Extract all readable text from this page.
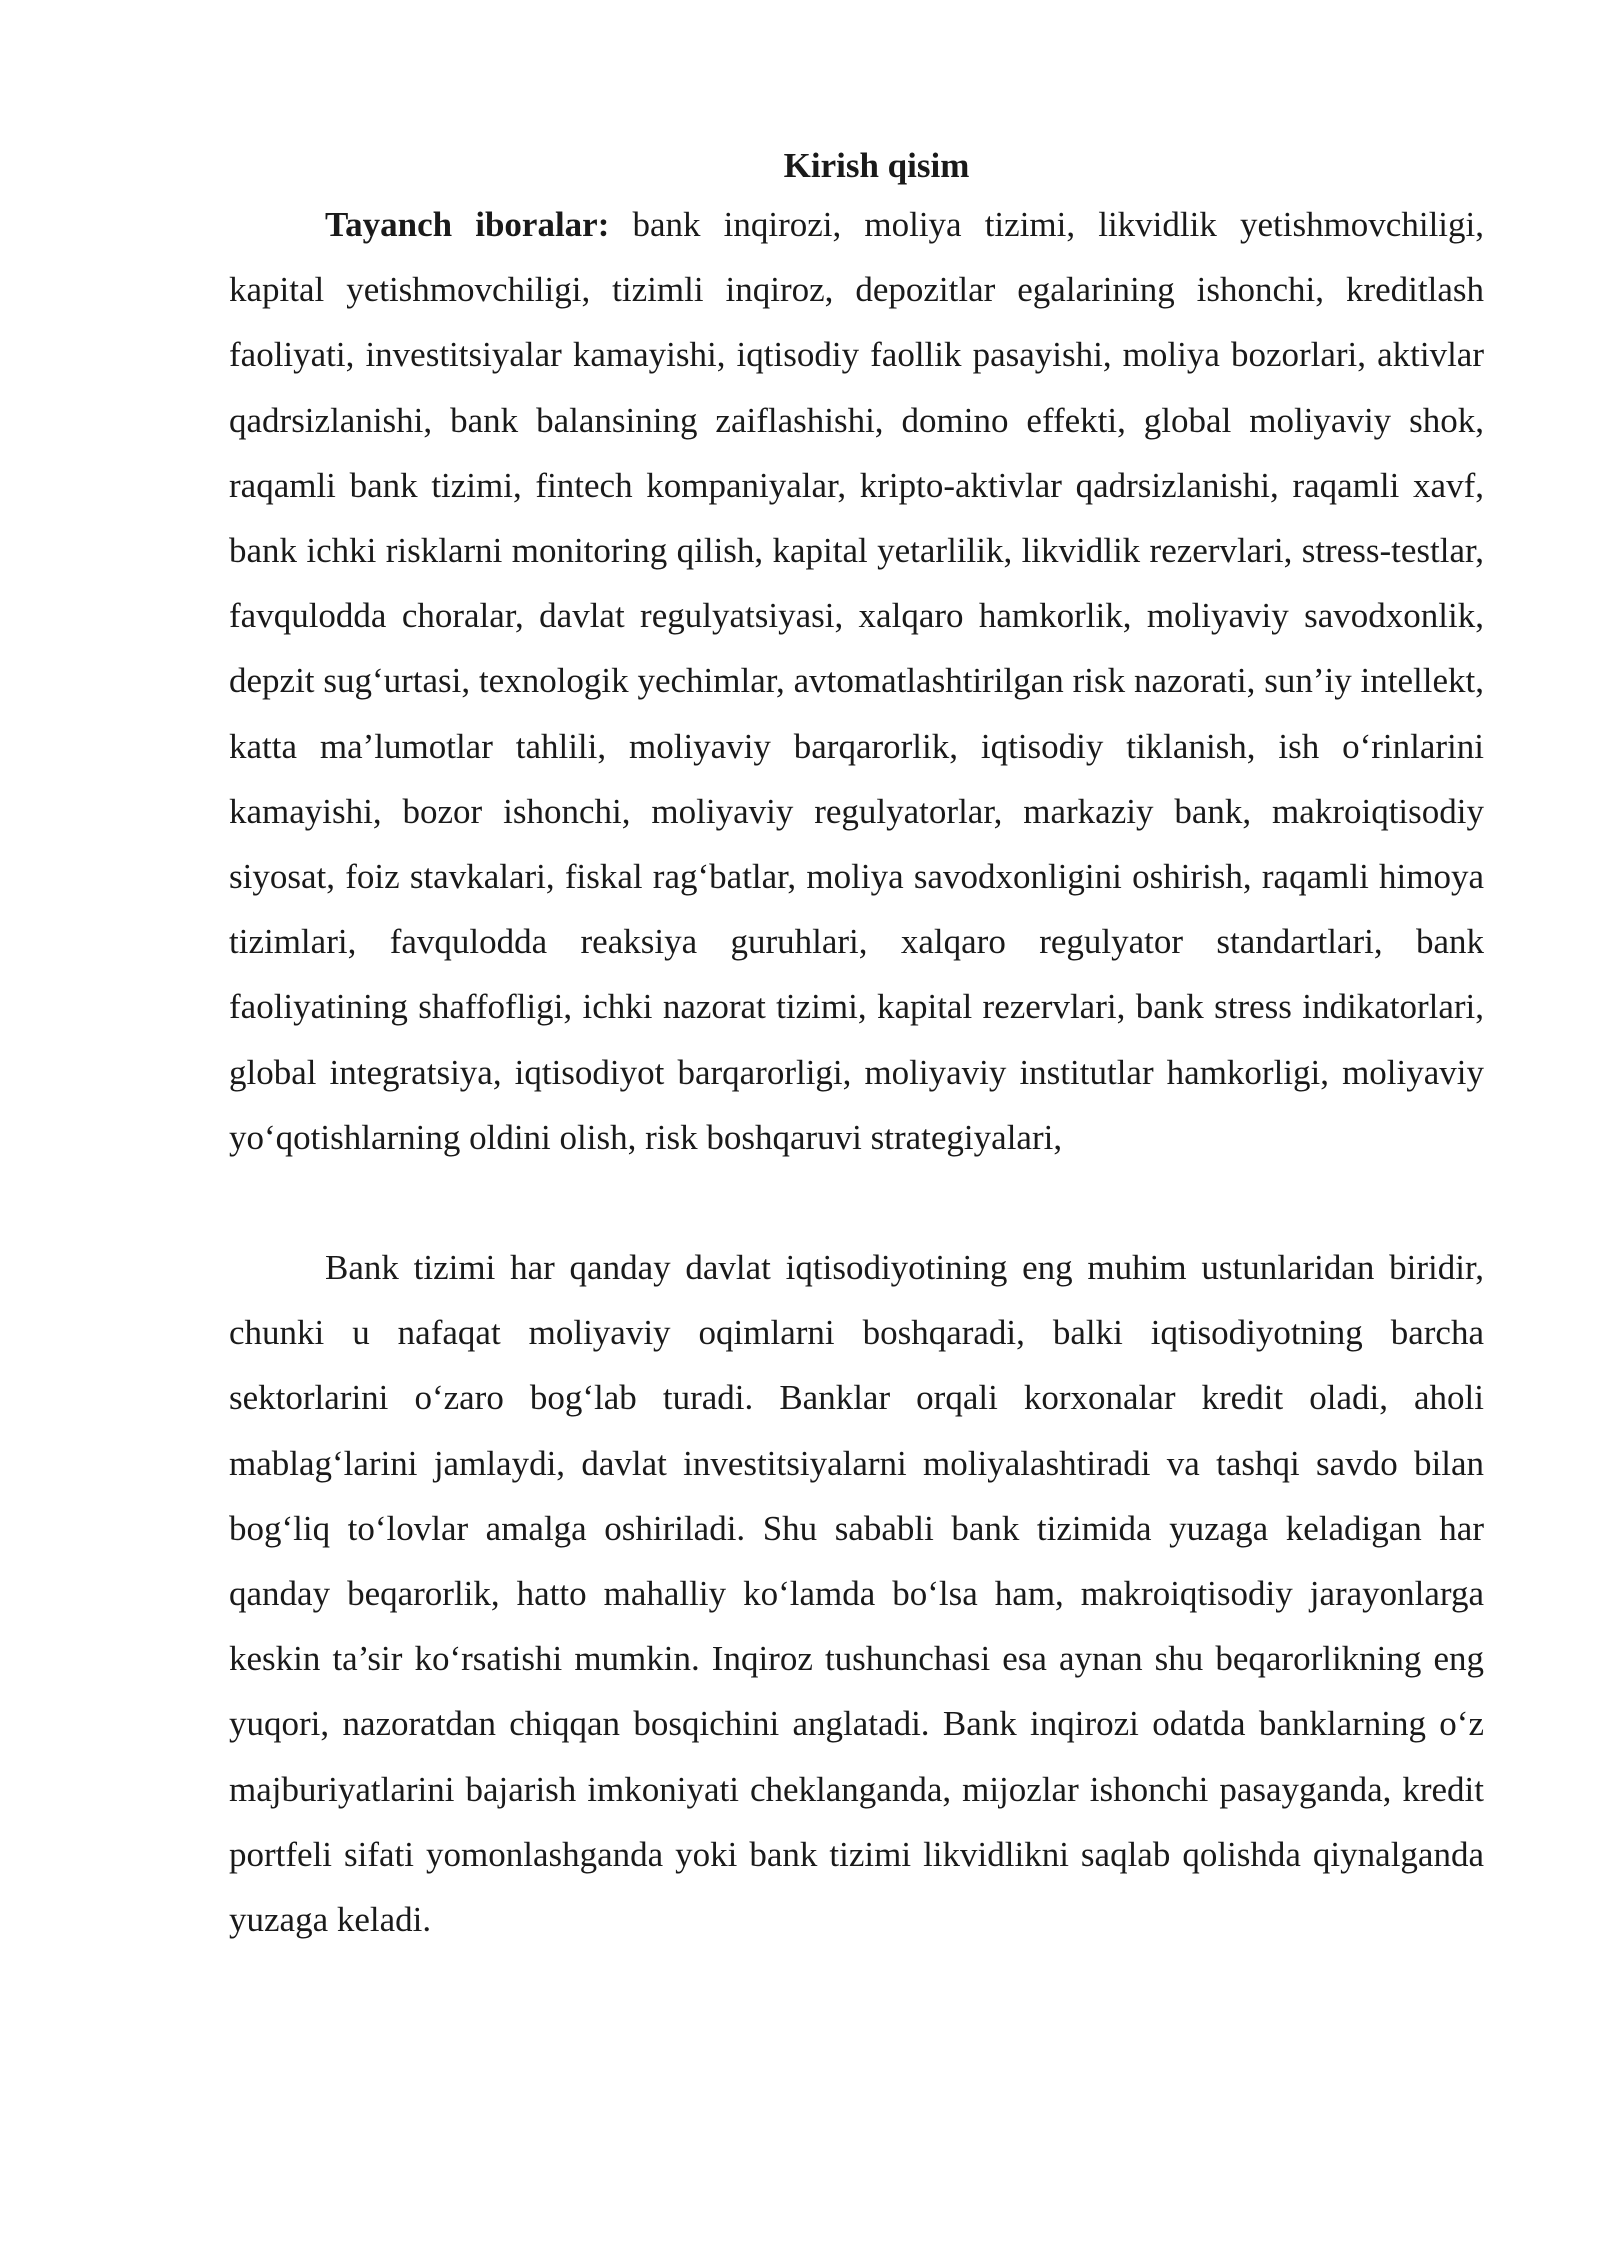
Kirish qisim

Tayanch iboralar: bank inqirozi, moliya tizimi, likvidlik yetishmovchiligi, kapital yetishmovchiligi, tizimli inqiroz, depozitlar egalarining ishonchi, kreditlash faoliyati, investitsiyalar kamayishi, iqtisodiy faollik pasayishi, moliya bozorlari, aktivlar qadrsizlanishi, bank balansining zaiflashishi, domino effekti, global moliyaviy shok, raqamli bank tizimi, fintech kompaniyalar, kripto-aktivlar qadrsizlanishi, raqamli xavf, bank ichki risklarni monitoring qilish, kapital yetarlilik, likvidlik rezervlari, stress-testlar, favqulodda choralar, davlat regulyatsiyasi, xalqaro hamkorlik, moliyaviy savodxonlik, depzit sug‘urtasi, texnologik yechimlar, avtomatlashtirilgan risk nazorati, sun’iy intellekt, katta ma’lumotlar tahlili, moliyaviy barqarorlik, iqtisodiy tiklanish, ish o‘rinlarini kamayishi, bozor ishonchi, moliyaviy regulyatorlar, markaziy bank, makroiqtisodiy siyosat, foiz stavkalari, fiskal rag‘batlar, moliya savodxonligini oshirish, raqamli himoya tizimlari, favqulodda reaksiya guruhlari, xalqaro regulyator standartlari, bank faoliyatining shaffofligi, ichki nazorat tizimi, kapital rezervlari, bank stress indikatorlari, global integratsiya, iqtisodiyot barqarorligi, moliyaviy institutlar hamkorligi, moliyaviy yo‘qotishlarning oldini olish, risk boshqaruvi strategiyalari,

Bank tizimi har qanday davlat iqtisodiyotining eng muhim ustunlaridan biridir, chunki u nafaqat moliyaviy oqimlarni boshqaradi, balki iqtisodiyotning barcha sektorlarini o‘zaro bog‘lab turadi. Banklar orqali korxonalar kredit oladi, aholi mablag‘larini jamlaydi, davlat investitsiyalarni moliyalashtiradi va tashqi savdo bilan bog‘liq to‘lovlar amalga oshiriladi. Shu sababli bank tizimida yuzaga keladigan har qanday beqarorlik, hatto mahalliy ko‘lamda bo‘lsa ham, makroiqtisodiy jarayonlarga keskin ta’sir ko‘rsatishi mumkin. Inqiroz tushunchasi esa aynan shu beqarorlikning eng yuqori, nazoratdan chiqqan bosqichini anglatadi. Bank inqirozi odatda banklarning o‘z majburiyatlarini bajarish imkoniyati cheklanganda, mijozlar ishonchi pasayganda, kredit portfeli sifati yomonlashganda yoki bank tizimi likvidlikni saqlab qolishda qiynalganda yuzaga keladi.
